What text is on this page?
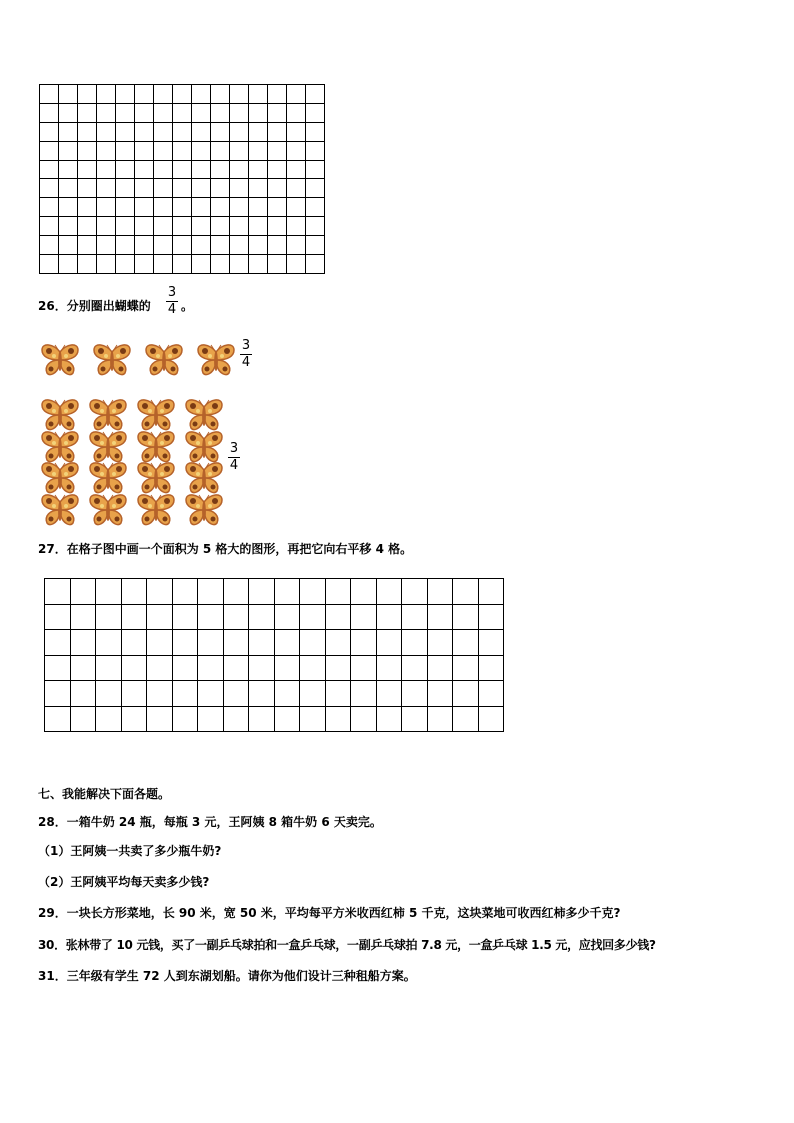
26．分别圈出蝴蝶的
3
4 。
3
4
3
4
27．在格子图中画一个面积为 5 格大的图形，再把它向右平移 4 格。

七、我能解决下面各题。
28．一箱牛奶 24 瓶，每瓶 3 元，王阿姨 8 箱牛奶 6 天卖完。
（1）王阿姨一共卖了多少瓶牛奶?
（2）王阿姨平均每天卖多少钱?
29．一块长方形菜地，长 90 米，宽 50 米，平均每平方米收西红柿 5 千克，这块菜地可收西红柿多少千克?
30．张林带了 10 元钱，买了一副乒乓球拍和一盒乒乓球，一副乒乓球拍 7.8 元，一盒乒乓球 1.5 元，应找回多少钱?
31．三年级有学生 72 人到东湖划船。请你为他们设计三种租船方案。
